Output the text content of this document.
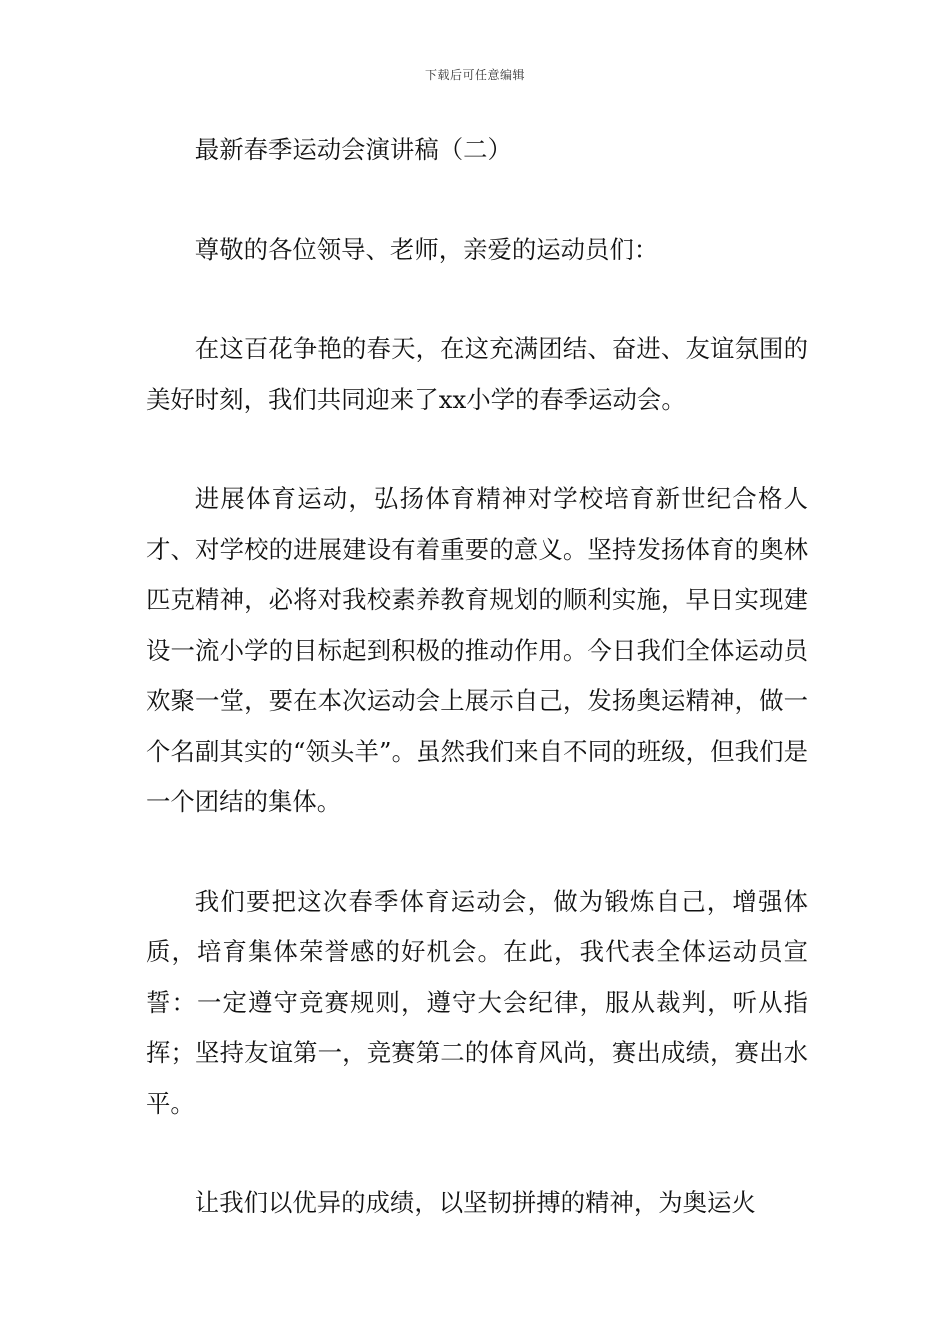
下载后可任意编辑

最新春季运动会演讲稿（二）

尊敬的各位领导、老师，亲爱的运动员们：

在这百花争艳的春天，在这充满团结、奋进、友谊氛围的美好时刻，我们共同迎来了xx小学的春季运动会。

进展体育运动，弘扬体育精神对学校培育新世纪合格人才、对学校的进展建设有着重要的意义。坚持发扬体育的奥林匹克精神，必将对我校素养教育规划的顺利实施，早日实现建设一流小学的目标起到积极的推动作用。今日我们全体运动员欢聚一堂，要在本次运动会上展示自己，发扬奥运精神，做一个名副其实的“领头羊”。虽然我们来自不同的班级，但我们是一个团结的集体。

我们要把这次春季体育运动会，做为锻炼自己，增强体质，培育集体荣誉感的好机会。在此，我代表全体运动员宣誓：一定遵守竞赛规则，遵守大会纪律，服从裁判，听从指挥；坚持友谊第一，竞赛第二的体育风尚，赛出成绩，赛出水平。

让我们以优异的成绩，以坚韧拼搏的精神，为奥运火
